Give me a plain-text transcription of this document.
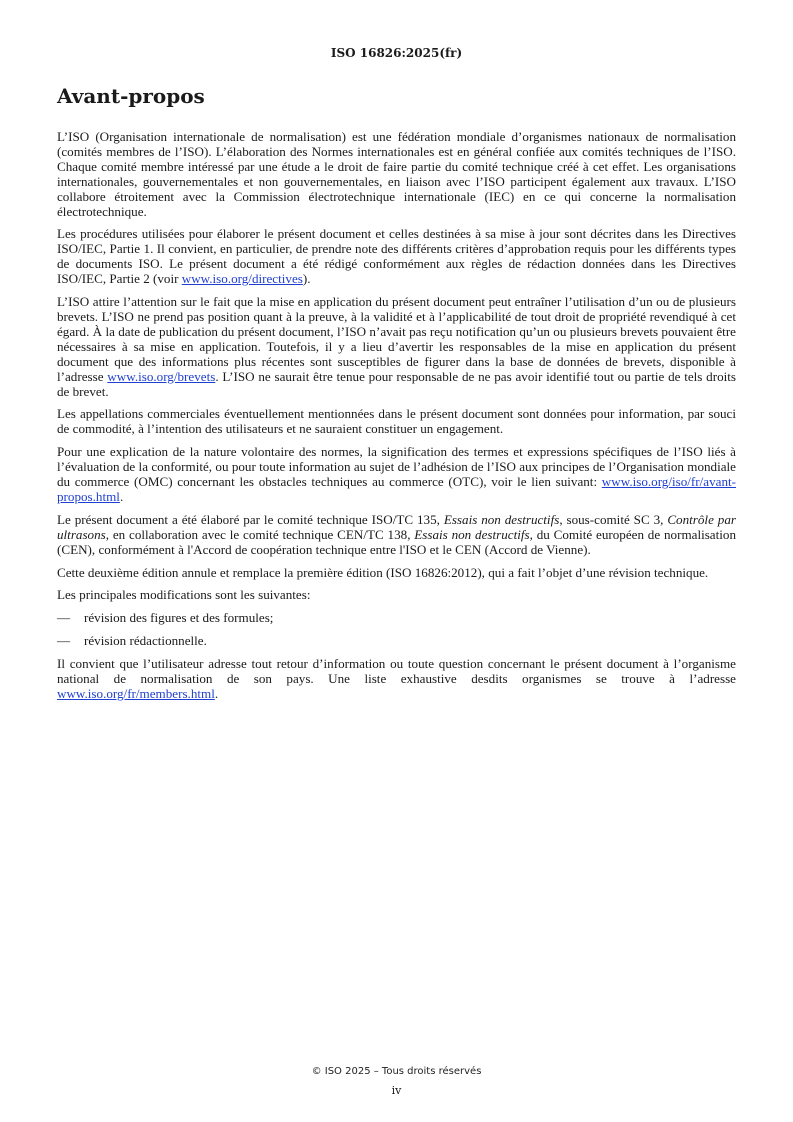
ISO 16826:2025(fr)
Avant-propos

L’ISO (Organisation internationale de normalisation) est une fédération mondiale d’organismes nationaux de normalisation (comités membres de l’ISO). L’élaboration des Normes internationales est en général confiée aux comités techniques de l’ISO. Chaque comité membre intéressé par une étude a le droit de faire partie du comité technique créé à cet effet. Les organisations internationales, gouvernementales et non gouvernementales, en liaison avec l’ISO participent également aux travaux. L’ISO collabore étroitement avec la Commission électrotechnique internationale (IEC) en ce qui concerne la normalisation électrotechnique.

Les procédures utilisées pour élaborer le présent document et celles destinées à sa mise à jour sont décrites dans les Directives ISO/IEC, Partie 1. Il convient, en particulier, de prendre note des différents critères d’approbation requis pour les différents types de documents ISO. Le présent document a été rédigé conformément aux règles de rédaction données dans les Directives ISO/IEC, Partie 2 (voir www.iso.org/directives).

L’ISO attire l’attention sur le fait que la mise en application du présent document peut entraîner l’utilisation d’un ou de plusieurs brevets. L’ISO ne prend pas position quant à la preuve, à la validité et à l’applicabilité de tout droit de propriété revendiqué à cet égard. À la date de publication du présent document, l’ISO n’avait pas reçu notification qu’un ou plusieurs brevets pouvaient être nécessaires à sa mise en application. Toutefois, il y a lieu d’avertir les responsables de la mise en application du présent document que des informations plus récentes sont susceptibles de figurer dans la base de données de brevets, disponible à l’adresse www.iso.org/brevets. L’ISO ne saurait être tenue pour responsable de ne pas avoir identifié tout ou partie de tels droits de brevet.

Les appellations commerciales éventuellement mentionnées dans le présent document sont données pour information, par souci de commodité, à l’intention des utilisateurs et ne sauraient constituer un engagement.

Pour une explication de la nature volontaire des normes, la signification des termes et expressions spécifiques de l’ISO liés à l’évaluation de la conformité, ou pour toute information au sujet de l’adhésion de l’ISO aux principes de l’Organisation mondiale du commerce (OMC) concernant les obstacles techniques au commerce (OTC), voir le lien suivant: www.iso.org/iso/fr/avant-propos.html.

Le présent document a été élaboré par le comité technique ISO/TC 135, Essais non destructifs, sous-comité SC 3, Contrôle par ultrasons, en collaboration avec le comité technique CEN/TC 138, Essais non destructifs, du Comité européen de normalisation (CEN), conformément à l'Accord de coopération technique entre l'ISO et le CEN (Accord de Vienne).

Cette deuxième édition annule et remplace la première édition (ISO 16826:2012), qui a fait l’objet d’une révision technique.

Les principales modifications sont les suivantes:

— révision des figures et des formules;

— révision rédactionnelle.

Il convient que l’utilisateur adresse tout retour d’information ou toute question concernant le présent document à l’organisme national de normalisation de son pays. Une liste exhaustive desdits organismes se trouve à l’adresse www.iso.org/fr/members.html.

© ISO 2025 – Tous droits réservés
iv
